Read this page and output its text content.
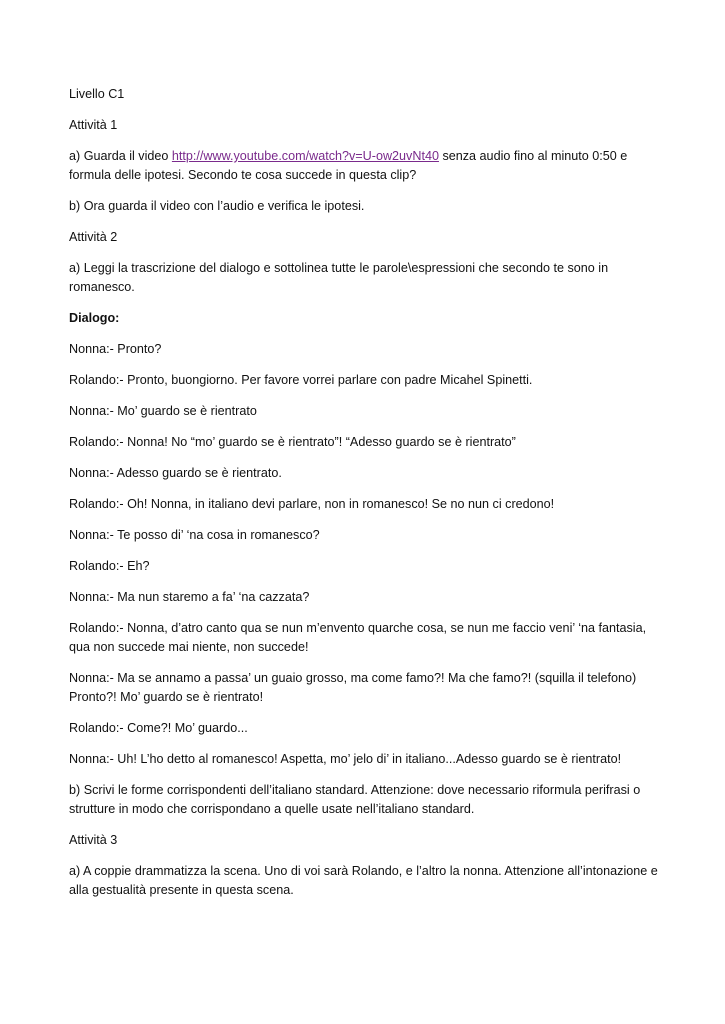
Livello C1

Attività 1

a) Guarda il video http://www.youtube.com/watch?v=U-ow2uvNt40 senza audio fino al minuto 0:50 e formula delle ipotesi. Secondo te cosa succede in questa clip?

b) Ora guarda il video con l’audio e verifica le ipotesi.

Attività 2

a) Leggi la trascrizione del dialogo e sottolinea tutte le parole\espressioni che secondo te sono in romanesco.

Dialogo:

Nonna:- Pronto?

Rolando:- Pronto, buongiorno. Per favore vorrei parlare con padre Micahel Spinetti.

Nonna:- Mo’ guardo se è rientrato

Rolando:- Nonna! No “mo’ guardo se è rientrato”! “Adesso guardo se è rientrato”

Nonna:- Adesso guardo se è rientrato.

Rolando:- Oh! Nonna, in italiano devi parlare, non in romanesco! Se no nun ci credono!

Nonna:- Te posso di’ ‘na cosa in romanesco?

Rolando:- Eh?

Nonna:- Ma nun staremo a fa’ ‘na cazzata?

Rolando:- Nonna, d’atro canto qua se nun m’envento quarche cosa, se nun me faccio veni’ ‘na fantasia, qua non succede mai niente, non succede!

Nonna:- Ma se annamo a passa’ un guaio grosso, ma come famo?! Ma che famo?! (squilla il telefono) Pronto?! Mo’ guardo se è rientrato!

Rolando:- Come?! Mo’ guardo...

Nonna:- Uh! L’ho detto al romanesco! Aspetta, mo’ jelo di’ in italiano...Adesso guardo se è rientrato!

b) Scrivi le forme corrispondenti dell’italiano standard. Attenzione: dove necessario riformula perifrasi o strutture in modo che corrispondano a quelle usate nell’italiano standard.

Attività 3

a) A coppie drammatizza la scena. Uno di voi sarà Rolando, e l’altro la nonna. Attenzione all’intonazione e alla gestualità presente in questa scena.
